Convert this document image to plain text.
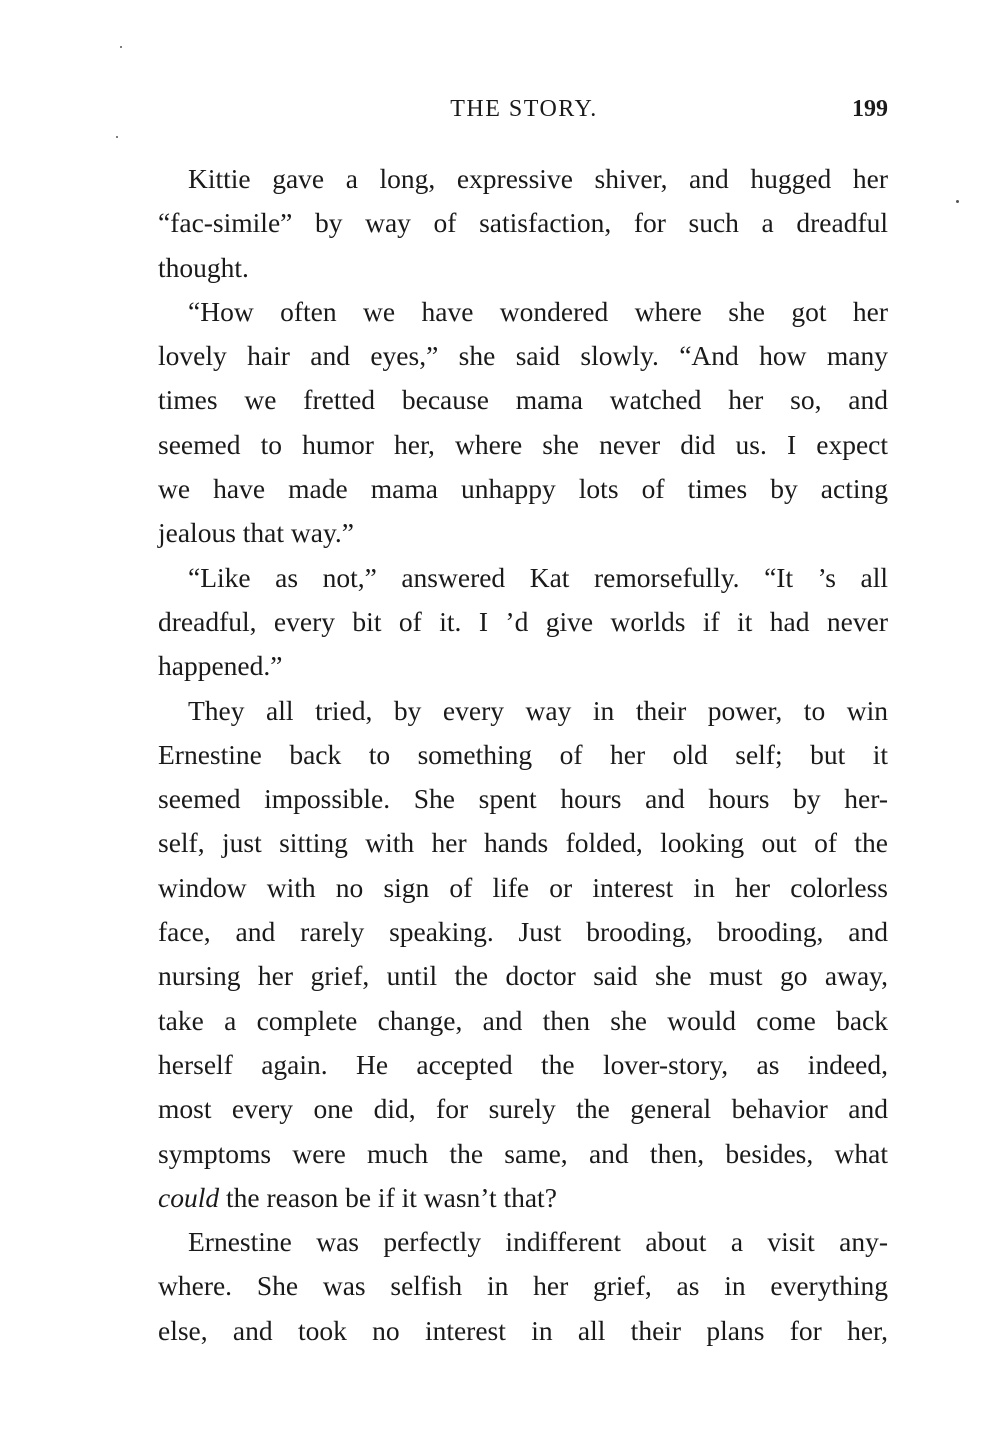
THE STORY.	199
Kittie gave a long, expressive shiver, and hugged her
“fac-simile” by way of satisfaction, for such a dreadful
thought.
“How often we have wondered where she got her
lovely hair and eyes,” she said slowly. “And how many
times we fretted because mama watched her so, and
seemed to humor her, where she never did us. I expect
we have made mama unhappy lots of times by acting
jealous that way.”
“Like as not,” answered Kat remorsefully. “It ’s all
dreadful, every bit of it. I ’d give worlds if it had never
happened.”
They all tried, by every way in their power, to win
Ernestine back to something of her old self; but it
seemed impossible. She spent hours and hours by her-
self, just sitting with her hands folded, looking out of the
window with no sign of life or interest in her colorless
face, and rarely speaking. Just brooding, brooding, and
nursing her grief, until the doctor said she must go away,
take a complete change, and then she would come back
herself again. He accepted the lover-story, as indeed,
most every one did, for surely the general behavior and
symptoms were much the same, and then, besides, what
could the reason be if it wasn’t that?
Ernestine was perfectly indifferent about a visit any-
where. She was selfish in her grief, as in everything
else, and took no interest in all their plans for her,
